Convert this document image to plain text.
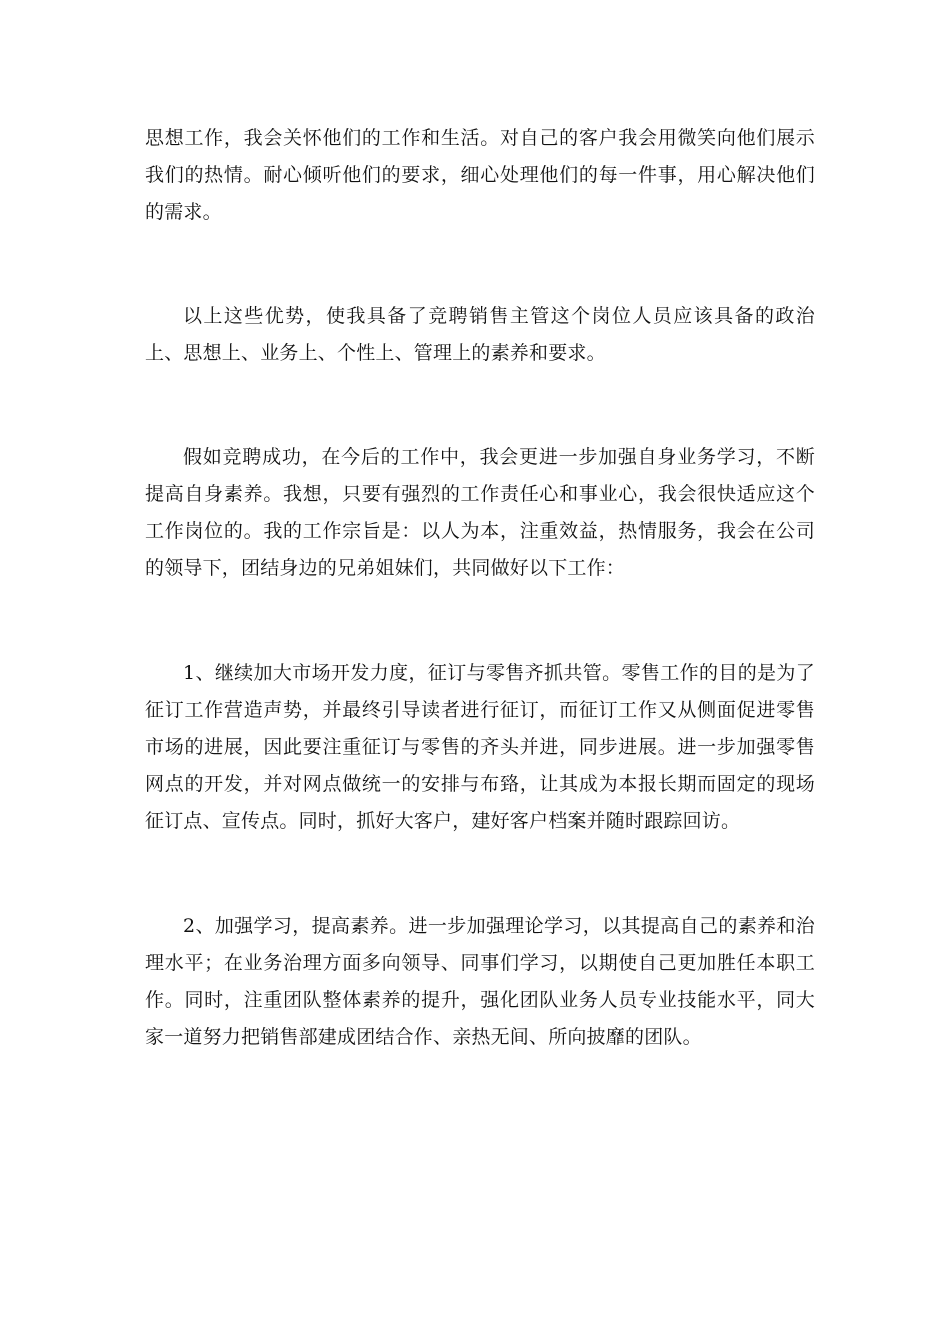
思想工作，我会关怀他们的工作和生活。对自己的客户我会用微笑向他们展示我们的热情。耐心倾听他们的要求，细心处理他们的每一件事，用心解决他们的需求。

以上这些优势，使我具备了竞聘销售主管这个岗位人员应该具备的政治上、思想上、业务上、个性上、管理上的素养和要求。

假如竞聘成功，在今后的工作中，我会更进一步加强自身业务学习，不断提高自身素养。我想，只要有强烈的工作责任心和事业心，我会很快适应这个工作岗位的。我的工作宗旨是：以人为本，注重效益，热情服务，我会在公司的领导下，团结身边的兄弟姐妹们，共同做好以下工作：

1、继续加大市场开发力度，征订与零售齐抓共管。零售工作的目的是为了征订工作营造声势，并最终引导读者进行征订，而征订工作又从侧面促进零售市场的进展，因此要注重征订与零售的齐头并进，同步进展。进一步加强零售网点的开发，并对网点做统一的安排与布臵，让其成为本报长期而固定的现场征订点、宣传点。同时，抓好大客户，建好客户档案并随时跟踪回访。

2、加强学习，提高素养。进一步加强理论学习，以其提高自己的素养和治理水平；在业务治理方面多向领导、同事们学习，以期使自己更加胜任本职工作。同时，注重团队整体素养的提升，强化团队业务人员专业技能水平，同大家一道努力把销售部建成团结合作、亲热无间、所向披靡的团队。
